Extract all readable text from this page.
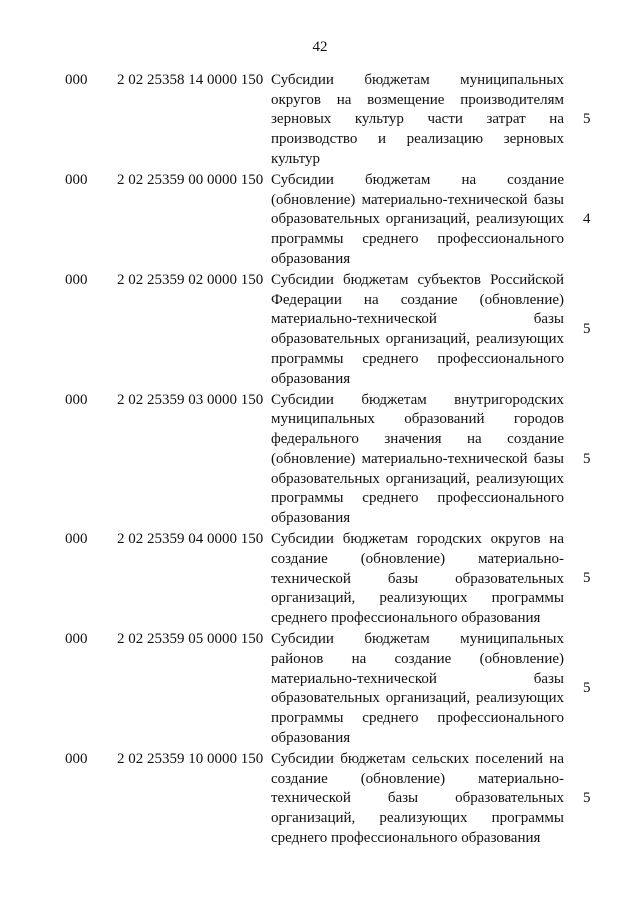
42
000 2 02 25358 14 0000 150 Субсидии бюджетам муниципальных округов на возмещение производителям зерновых культур части затрат на производство и реализацию зерновых культур
5
000 2 02 25359 00 0000 150 Субсидии бюджетам на создание (обновление) материально-технической базы образовательных организаций, реализующих программы среднего профессионального образования
4
000 2 02 25359 02 0000 150 Субсидии бюджетам субъектов Российской Федерации на создание (обновление) материально-технической базы образовательных организаций, реализующих программы среднего профессионального образования
5
000 2 02 25359 03 0000 150 Субсидии бюджетам внутригородских муниципальных образований городов федерального значения на создание (обновление) материально-технической базы образовательных организаций, реализующих программы среднего профессионального образования
5
000 2 02 25359 04 0000 150 Субсидии бюджетам городских округов на создание (обновление) материально-технической базы образовательных организаций, реализующих программы среднего профессионального образования
5
000 2 02 25359 05 0000 150 Субсидии бюджетам муниципальных районов на создание (обновление) материально-технической базы образовательных организаций, реализующих программы среднего профессионального образования
5
000 2 02 25359 10 0000 150 Субсидии бюджетам сельских поселений на создание (обновление) материально-технической базы образовательных организаций, реализующих программы среднего профессионального образования
5
